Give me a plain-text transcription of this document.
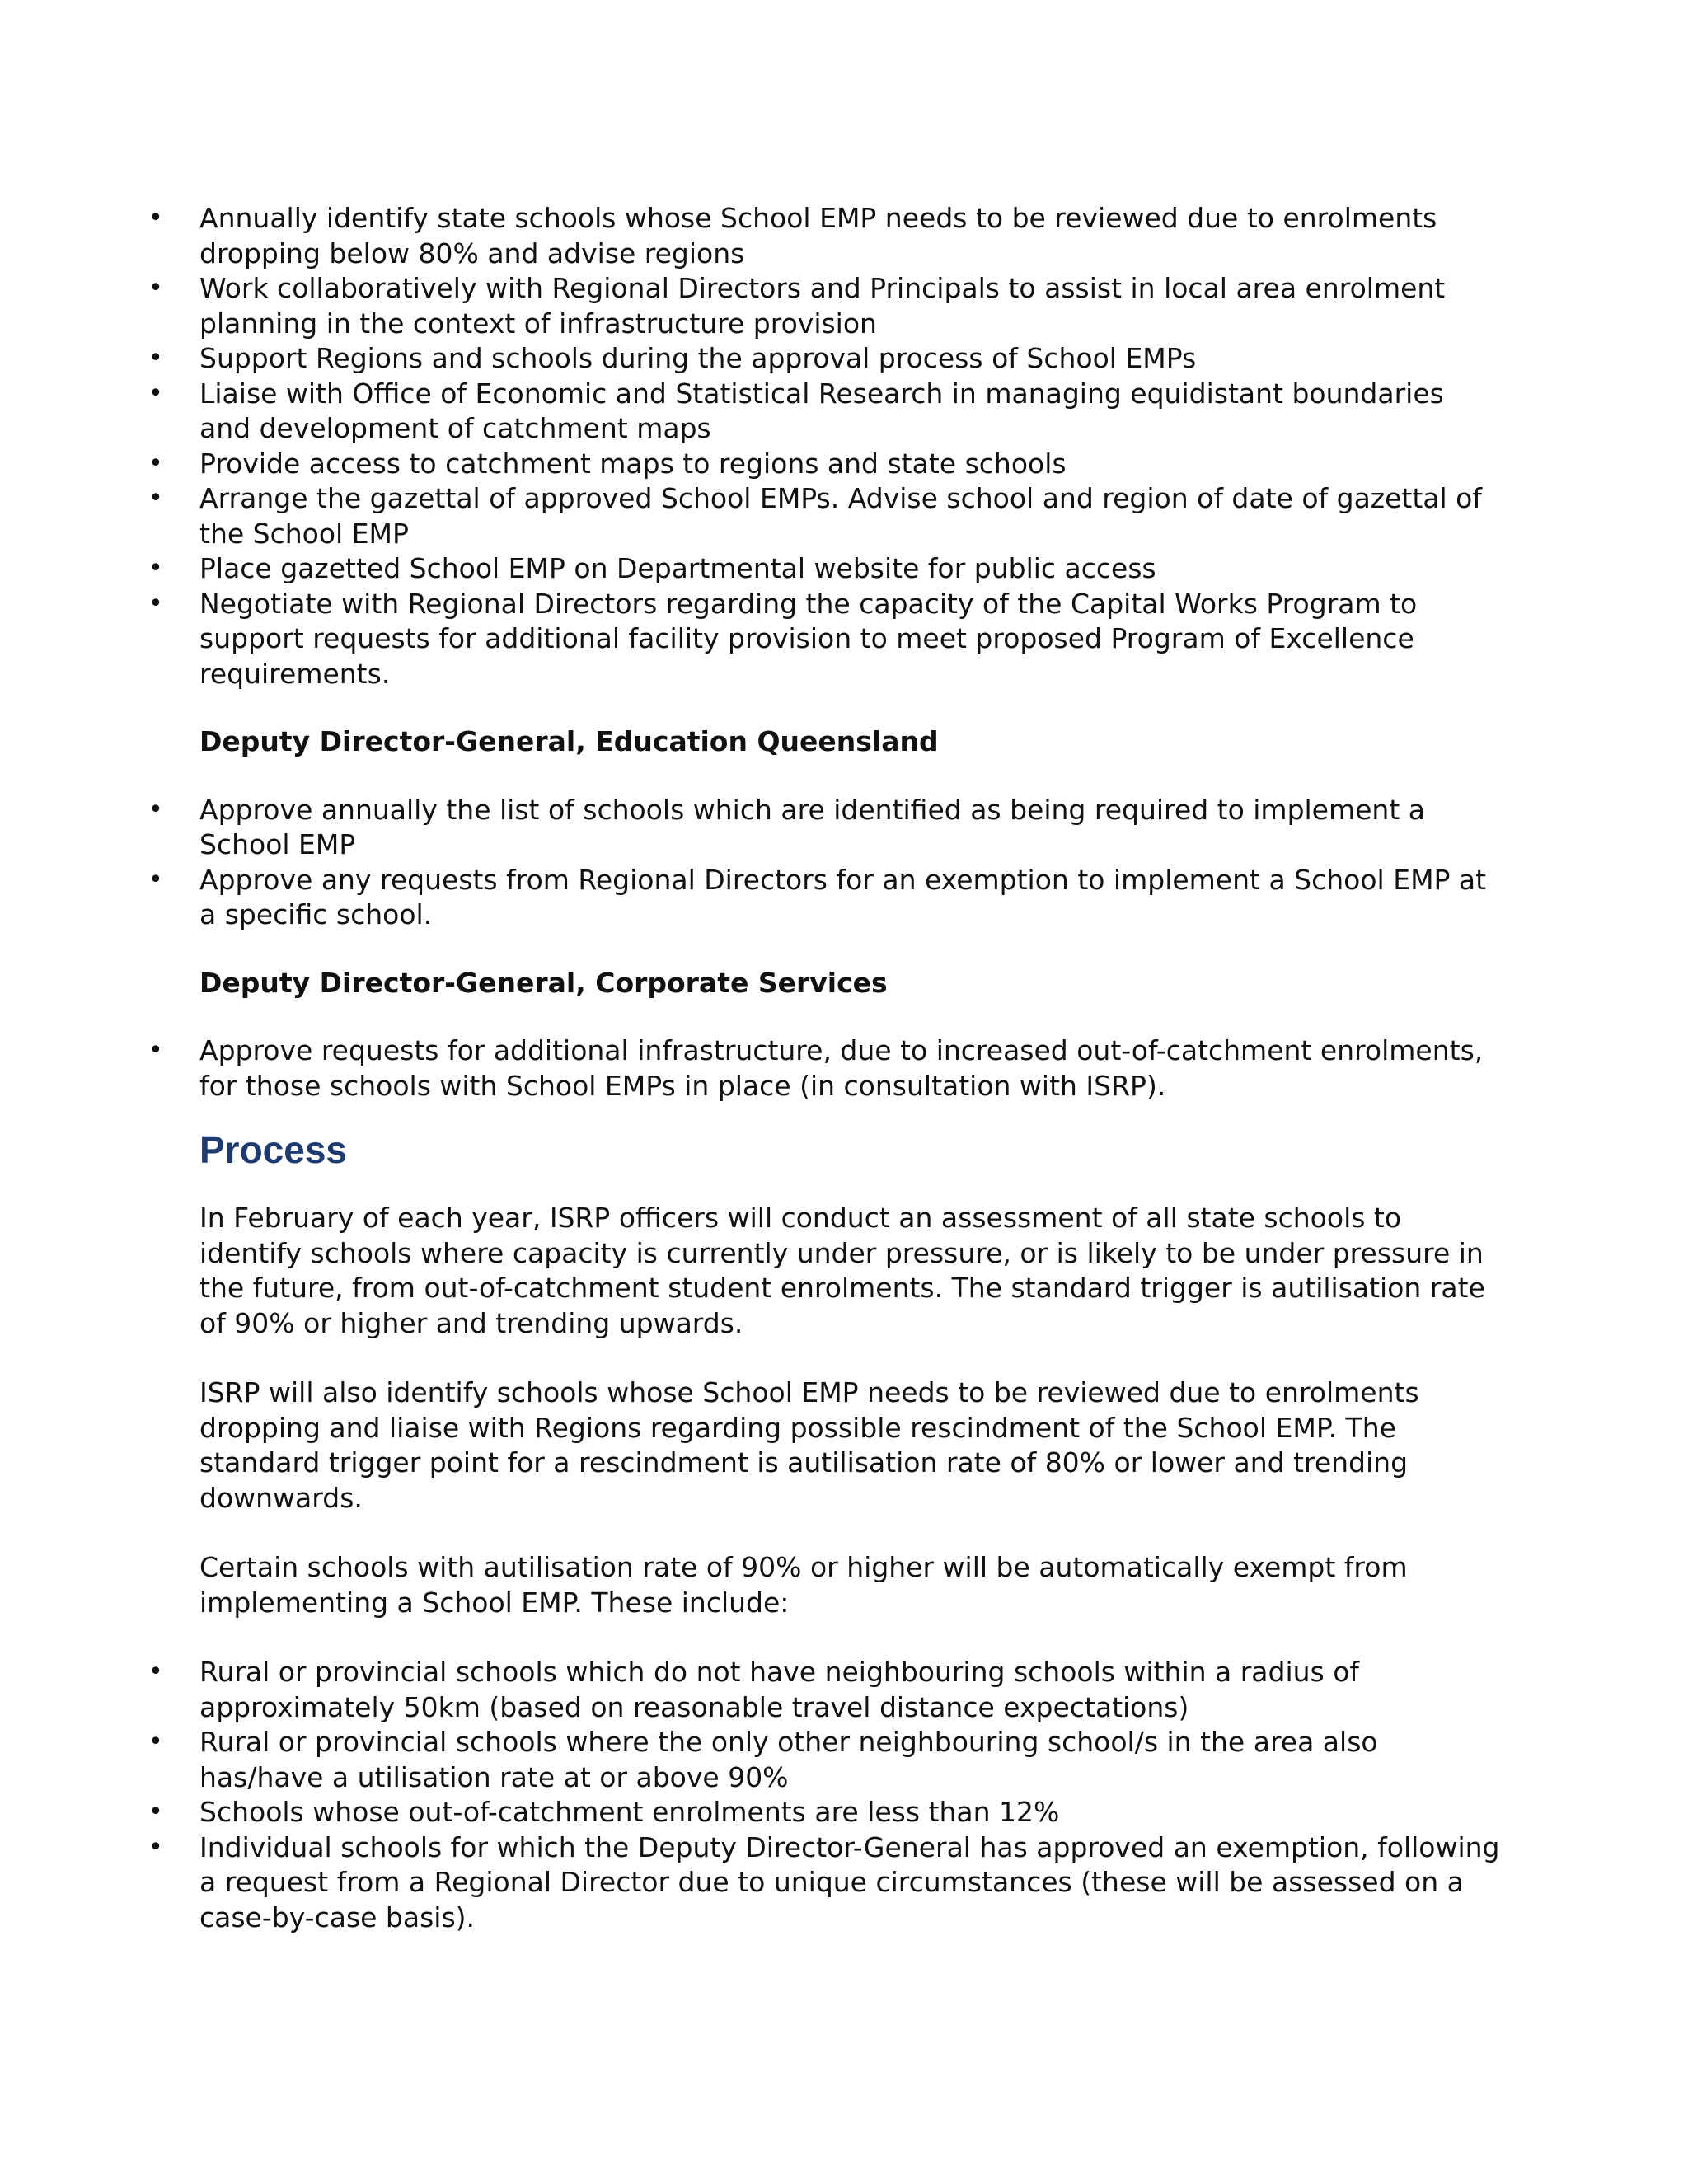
•	Annually identify state schools whose School EMP needs to be reviewed due to enrolments dropping below 80% and advise regions
•	Work collaboratively with Regional Directors and Principals to assist in local area enrolment planning in the context of infrastructure provision
•	Support Regions and schools during the approval process of School EMPs
•	Liaise with Office of Economic and Statistical Research in managing equidistant boundaries and development of catchment maps
•	Provide access to catchment maps to regions and state schools
•	Arrange the gazettal of approved School EMPs. Advise school and region of date of gazettal of the School EMP
•	Place gazetted School EMP on Departmental website for public access
•	Negotiate with Regional Directors regarding the capacity of the Capital Works Program to support requests for additional facility provision to meet proposed Program of Excellence requirements.
Deputy Director-General, Education Queensland
•	Approve annually the list of schools which are identified as being required to implement a School EMP
•	Approve any requests from Regional Directors for an exemption to implement a School EMP at a specific school.
Deputy Director-General, Corporate Services
•	Approve requests for additional infrastructure, due to increased out-of-catchment enrolments, for those schools with School EMPs in place (in consultation with ISRP).
Process

In February of each year, ISRP officers will conduct an assessment of all state schools to identify schools where capacity is currently under pressure, or is likely to be under pressure in the future, from out-of-catchment student enrolments. The standard trigger is autilisation rate of 90% or higher and trending upwards.

ISRP will also identify schools whose School EMP needs to be reviewed due to enrolments dropping and liaise with Regions regarding possible rescindment of the School EMP. The standard trigger point for a rescindment is autilisation rate of 80% or lower and trending downwards.

Certain schools with autilisation rate of 90% or higher will be automatically exempt from implementing a School EMP. These include:

•	Rural or provincial schools which do not have neighbouring schools within a radius of approximately 50km (based on reasonable travel distance expectations)
•	Rural or provincial schools where the only other neighbouring school/s in the area also has/have a utilisation rate at or above 90%
•	Schools whose out-of-catchment enrolments are less than 12%
•	Individual schools for which the Deputy Director-General has approved an exemption, following a request from a Regional Director due to unique circumstances (these will be assessed on a case-by-case basis).
